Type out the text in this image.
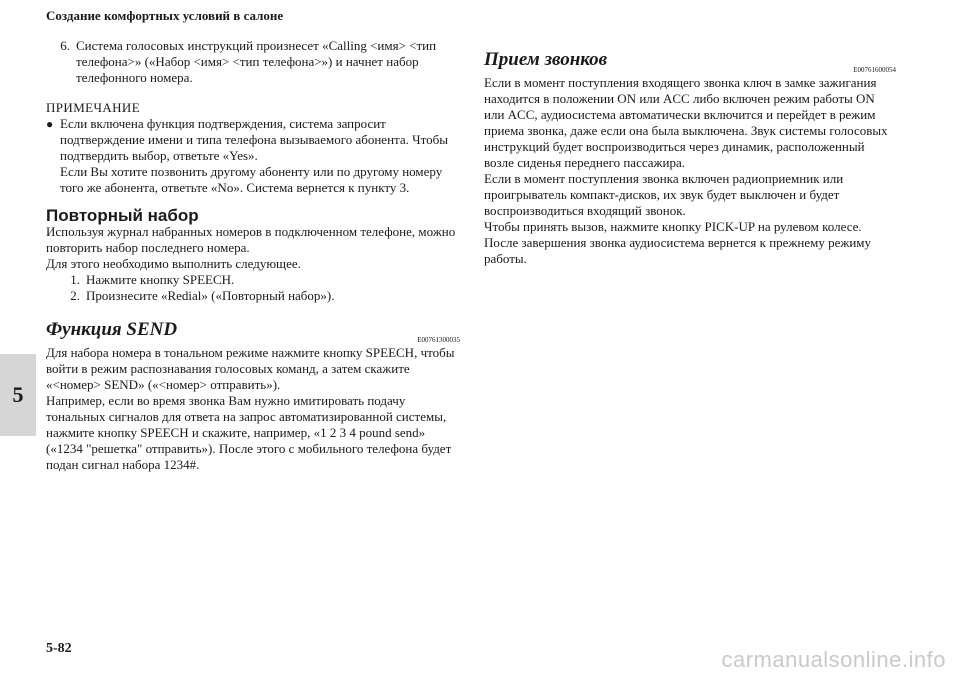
Создание комфортных условий в салоне
5
6. Система голосовых инструкций произнесет «Calling <имя> <тип телефона>» («Набор <имя> <тип телефона>») и начнет набор телефонного номера.

ПРИМЕЧАНИЕ

● Если включена функция подтверждения, система запросит подтверждение имени и типа телефона вызываемого абонента. Чтобы подтвердить выбор, ответьте «Yes».

Если Вы хотите позвонить другому абоненту или по другому номеру того же абонента, ответьте «No». Система вернется к пункту 3.

Повторный набор

Используя журнал набранных номеров в подключенном телефоне, можно повторить набор последнего номера.

Для этого необходимо выполнить следующее.

1. Нажмите кнопку SPEECH.
2. Произнесите «Redial» («Повторный набор»).
Функция SEND	E00761300035

Для набора номера в тональном режиме нажмите кнопку SPEECH, чтобы войти в режим распознавания голосовых команд, а затем скажите «<номер> SEND» («<номер> отправить»).

Например, если во время звонка Вам нужно имитировать подачу тональных сигналов для ответа на запрос автоматизированной системы, нажмите кнопку SPEECH и скажите, например, «1 2 3 4 pound send» («1234 "решетка" отправить»). После этого с мобильного телефона будет подан сигнал набора 1234#.

Прием звонков	E00761600054

Если в момент поступления входящего звонка ключ в замке зажигания находится в положении ON или ACC либо включен режим работы ON или ACC, аудиосистема автоматически включится и перейдет в режим приема звонка, даже если она была выключена. Звук системы голосовых инструкций будет воспроизводиться через динамик, расположенный возле сиденья переднего пассажира.

Если в момент поступления звонка включен радиоприемник или проигрыватель компакт-дисков, их звук будет выключен и будет воспроизводиться входящий звонок.

Чтобы принять вызов, нажмите кнопку PICK-UP на рулевом колесе. После завершения звонка аудиосистема вернется к прежнему режиму работы.

5-82	carmanualsonline.info
